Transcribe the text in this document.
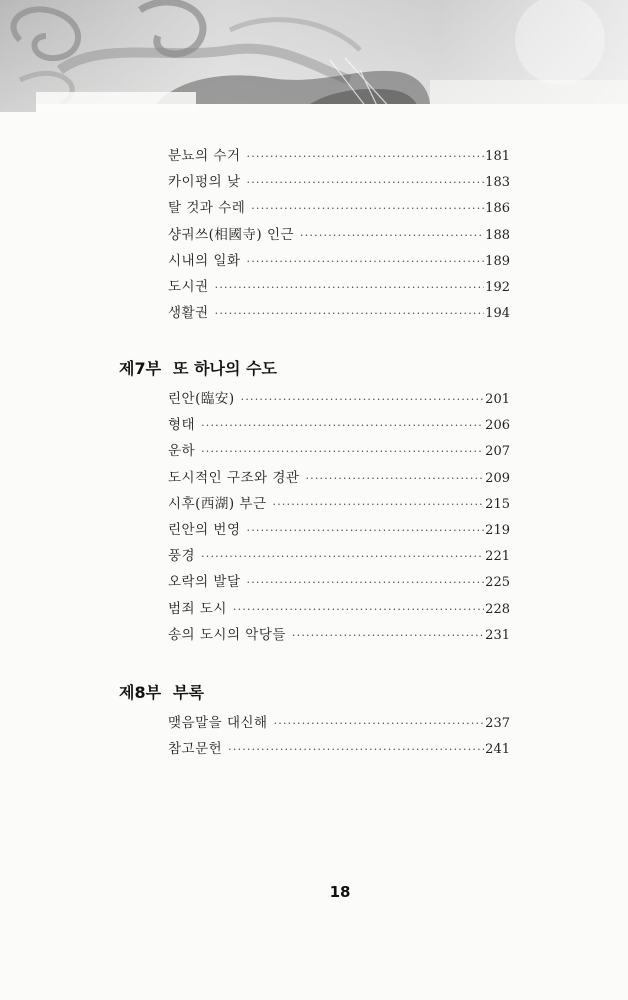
분뇨의 수거 ·····	181
카이펑의 낮 ·····	183
탈 것과 수레 ·····	186
샹궈쓰(相國寺) 인근 ·····	188
시내의 일화 ·····	189
도시권 ·····	192
생활권 ·····	194
제7부 또 하나의 수도
린안(臨安) ·····	201
형태 ·····	206
운하 ·····	207
도시적인 구조와 경관 ·····	209
시후(西湖) 부근 ·····	215
린안의 번영 ·····	219
풍경 ·····	221
오락의 발달 ·····	225
범죄 도시 ·····	228
송의 도시의 악당들 ·····	231
제8부 부록
맺음말을 대신해 ·····	237
참고문헌 ·····	241
18
